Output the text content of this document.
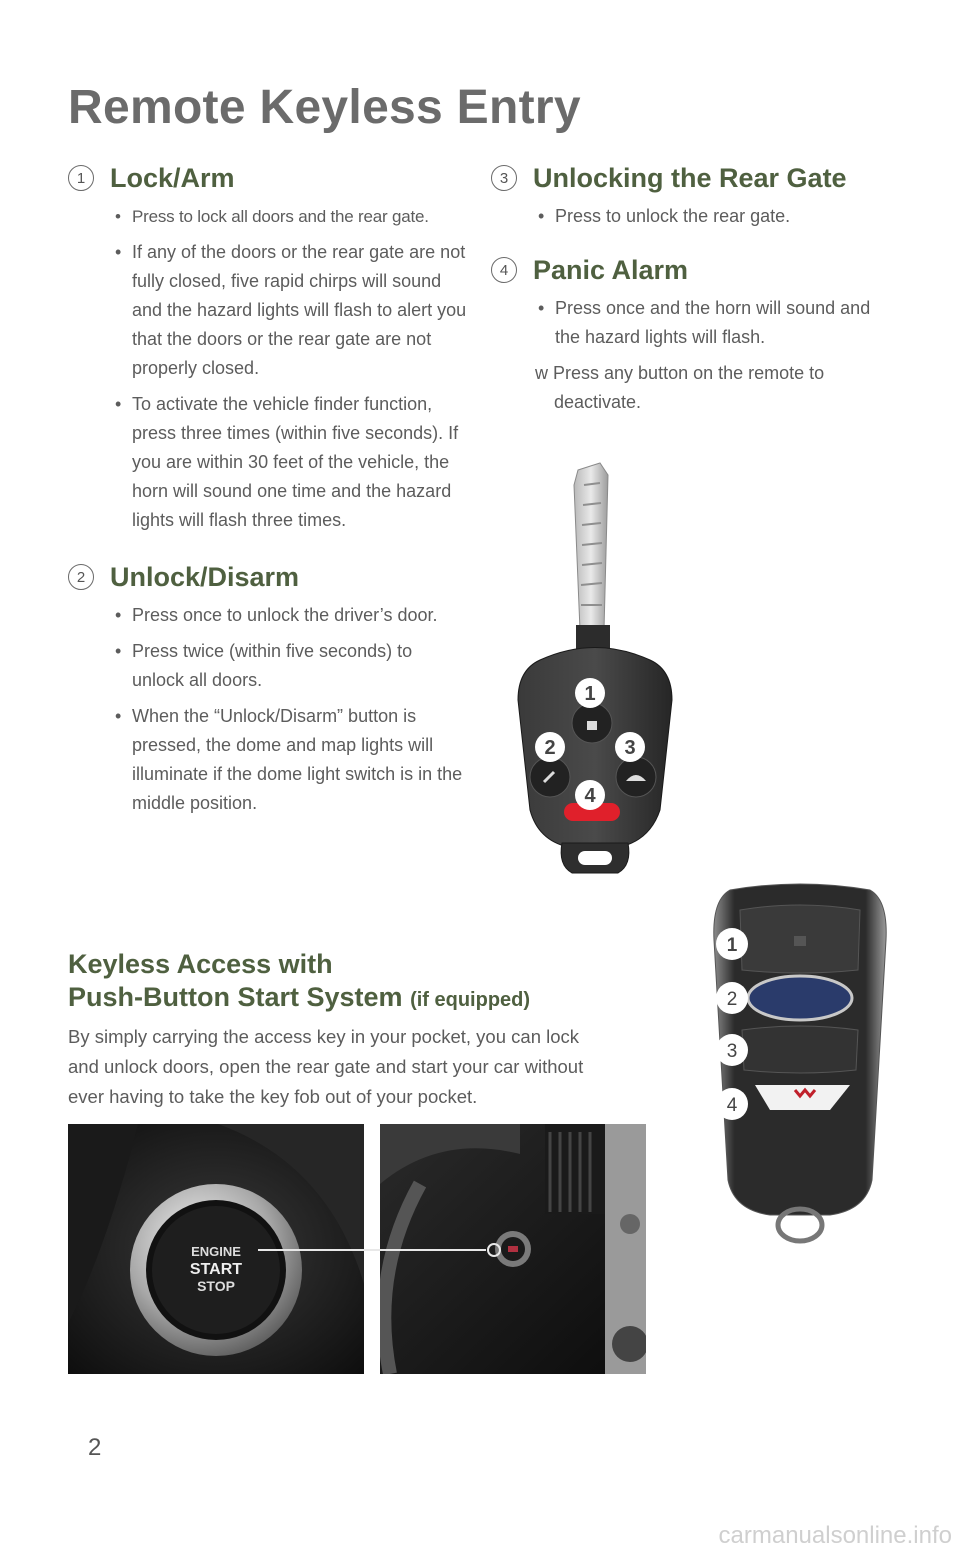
Remote Keyless Entry
1 Lock/Arm
• Press to lock all doors and the rear gate.
• If any of the doors or the rear gate are not fully closed, five rapid chirps will sound and the hazard lights will flash to alert you that the doors or the rear gate are not properly closed.
• To activate the vehicle finder function, press three times (within five seconds). If you are within 30 feet of the vehicle, the horn will sound one time and the hazard lights will flash three times.
2 Unlock/Disarm
• Press once to unlock the driver’s door.
• Press twice (within five seconds) to unlock all doors.
• When the “Unlock/Disarm” button is pressed, the dome and map lights will illuminate if the dome light switch is in the middle position.
3 Unlocking the Rear Gate
• Press to unlock the rear gate.
4 Panic Alarm
• Press once and the horn will sound and the hazard lights will flash.
w Press any button on the remote to deactivate.
1
2	3
4
Keyless Access with
Push-Button Start System (if equipped)

By simply carrying the access key in your pocket, you can lock and unlock doors, open the rear gate and start your car without ever having to take the key fob out of your pocket.

1
2
3
4
ENGINE
START
STOP
2
carmanualsonline.info
